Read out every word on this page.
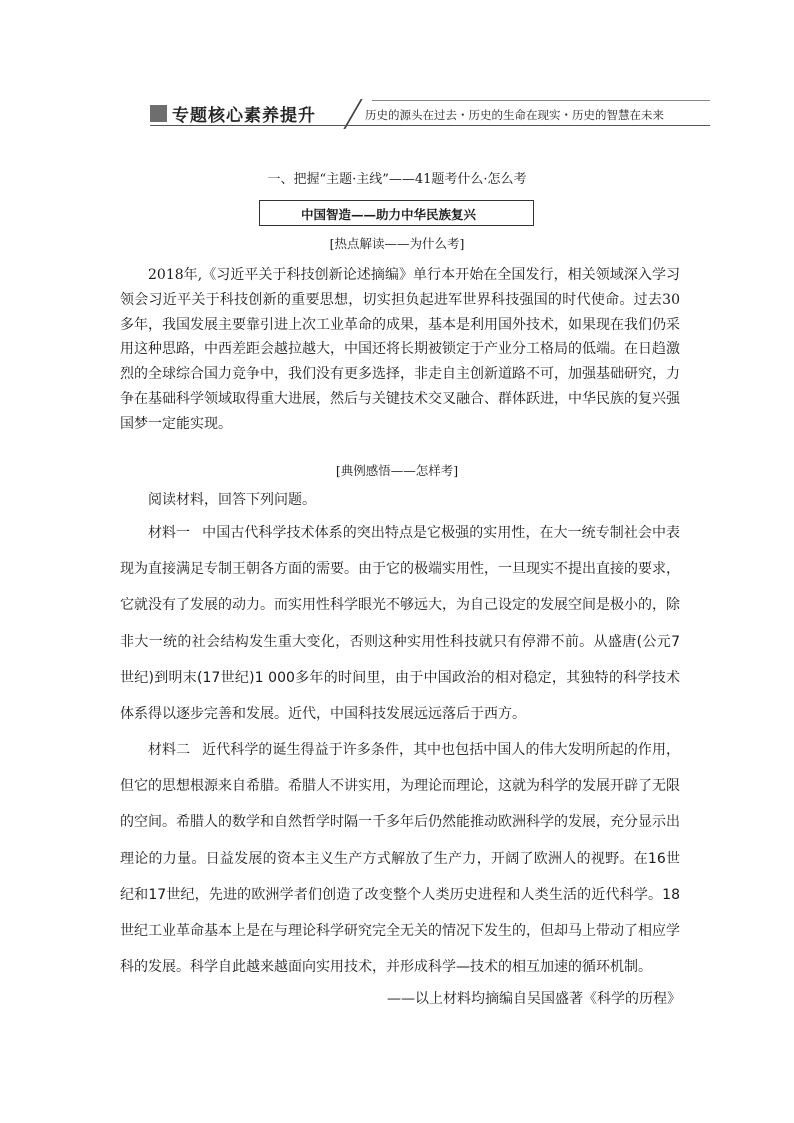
专题核心素养提升	历史的源头在过去・历史的生命在现实・历史的智慧在未来
一、把握“主题·主线”——41题考什么·怎么考
中国智造——助力中华民族复兴
[热点解读——为什么考]
2018年,《习近平关于科技创新论述摘编》单行本开始在全国发行，相关领域深入学习领会习近平关于科技创新的重要思想，切实担负起进军世界科技强国的时代使命。过去30多年，我国发展主要靠引进上次工业革命的成果，基本是利用国外技术，如果现在我们仍采用这种思路，中西差距会越拉越大，中国还将长期被锁定于产业分工格局的低端。在日趋激烈的全球综合国力竞争中，我们没有更多选择，非走自主创新道路不可，加强基础研究，力争在基础科学领域取得重大进展，然后与关键技术交叉融合、群体跃进，中华民族的复兴强国梦一定能实现。
[典例感悟——怎样考]
阅读材料，回答下列问题。
材料一 中国古代科学技术体系的突出特点是它极强的实用性，在大一统专制社会中表现为直接满足专制王朝各方面的需要。由于它的极端实用性，一旦现实不提出直接的要求，它就没有了发展的动力。而实用性科学眼光不够远大，为自己设定的发展空间是极小的，除非大一统的社会结构发生重大变化，否则这种实用性科技就只有停滞不前。从盛唐(公元7世纪)到明末(17世纪)1 000多年的时间里，由于中国政治的相对稳定，其独特的科学技术体系得以逐步完善和发展。近代，中国科技发展远远落后于西方。
材料二 近代科学的诞生得益于许多条件，其中也包括中国人的伟大发明所起的作用，但它的思想根源来自希腊。希腊人不讲实用，为理论而理论，这就为科学的发展开辟了无限的空间。希腊人的数学和自然哲学时隔一千多年后仍然能推动欧洲科学的发展，充分显示出理论的力量。日益发展的资本主义生产方式解放了生产力，开阔了欧洲人的视野。在16世纪和17世纪，先进的欧洲学者们创造了改变整个人类历史进程和人类生活的近代科学。18世纪工业革命基本上是在与理论科学研究完全无关的情况下发生的，但却马上带动了相应学科的发展。科学自此越来越面向实用技术，并形成科学—技术的相互加速的循环机制。
——以上材料均摘编自吴国盛著《科学的历程》
